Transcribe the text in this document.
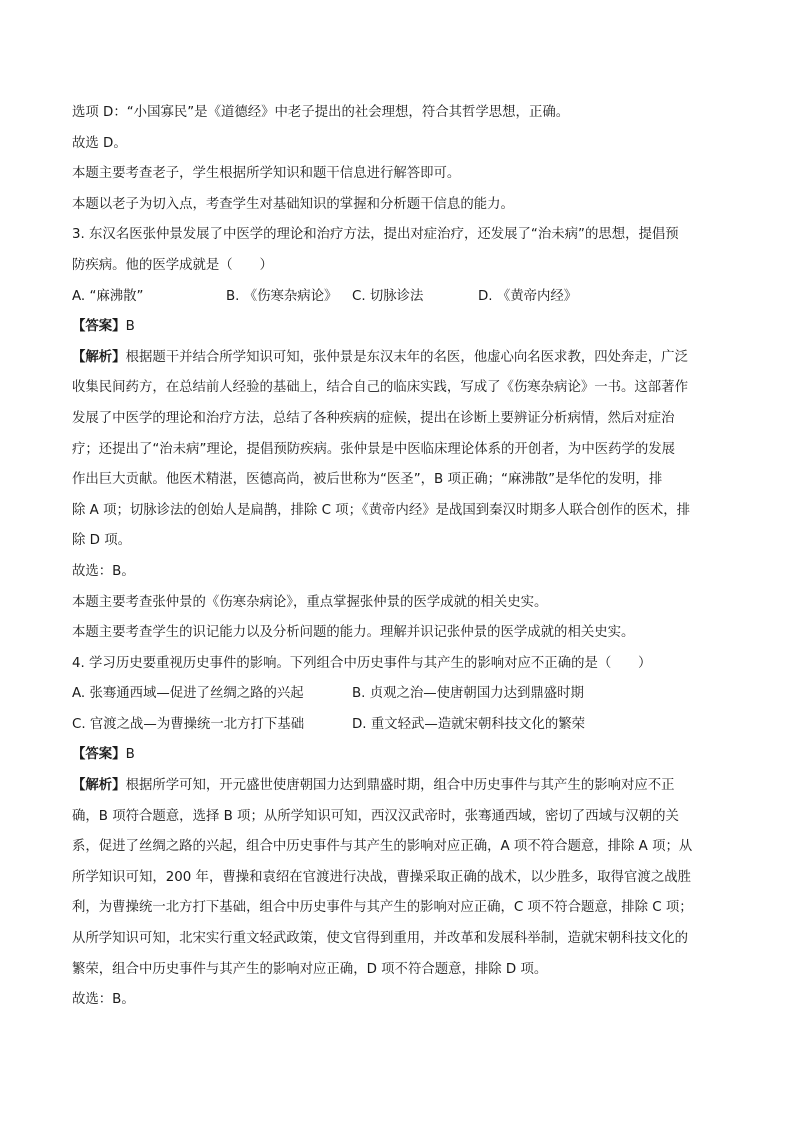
选项 D：“小国寡民”是《道德经》中老子提出的社会理想，符合其哲学思想，正确。
故选 D。
本题主要考查老子，学生根据所学知识和题干信息进行解答即可。
本题以老子为切入点，考查学生对基础知识的掌握和分析题干信息的能力。
3. 东汉名医张仲景发展了中医学的理论和治疗方法，提出对症治疗，还发展了“治未病”的思想，提倡预
防疾病。他的医学成就是（　　）
A. “麻沸散”	B. 《伤寒杂病论》	C. 切脉诊法	D. 《黄帝内经》
【答案】B
【解析】根据题干并结合所学知识可知，张仲景是东汉末年的名医，他虚心向名医求教，四处奔走，广泛
收集民间药方，在总结前人经验的基础上，结合自己的临床实践，写成了《伤寒杂病论》一书。这部著作
发展了中医学的理论和治疗方法，总结了各种疾病的症候，提出在诊断上要辨证分析病情，然后对症治
疗；还提出了“治未病”理论，提倡预防疾病。张仲景是中医临床理论体系的开创者，为中医药学的发展
作出巨大贡献。他医术精湛，医德高尚，被后世称为“医圣”，B 项正确；“麻沸散”是华佗的发明，排
除 A 项；切脉诊法的创始人是扁鹊，排除 C 项；《黄帝内经》是战国到秦汉时期多人联合创作的医术，排
除 D 项。
故选：B。
本题主要考查张仲景的《伤寒杂病论》，重点掌握张仲景的医学成就的相关史实。
本题主要考查学生的识记能力以及分析问题的能力。理解并识记张仲景的医学成就的相关史实。
4. 学习历史要重视历史事件的影响。下列组合中历史事件与其产生的影响对应不正确的是（　　）
A. 张骞通西域—促进了丝绸之路的兴起	B. 贞观之治—使唐朝国力达到鼎盛时期
C. 官渡之战—为曹操统一北方打下基础	D. 重文轻武—造就宋朝科技文化的繁荣
【答案】B
【解析】根据所学可知，开元盛世使唐朝国力达到鼎盛时期，组合中历史事件与其产生的影响对应不正
确，B 项符合题意，选择 B 项；从所学知识可知，西汉汉武帝时，张骞通西域，密切了西域与汉朝的关
系，促进了丝绸之路的兴起，组合中历史事件与其产生的影响对应正确，A 项不符合题意，排除 A 项；从
所学知识可知，200 年，曹操和袁绍在官渡进行决战，曹操采取正确的战术，以少胜多，取得官渡之战胜
利，为曹操统一北方打下基础，组合中历史事件与其产生的影响对应正确，C 项不符合题意，排除 C 项；
从所学知识可知，北宋实行重文轻武政策，使文官得到重用，并改革和发展科举制，造就宋朝科技文化的
繁荣，组合中历史事件与其产生的影响对应正确，D 项不符合题意，排除 D 项。
故选：B。
